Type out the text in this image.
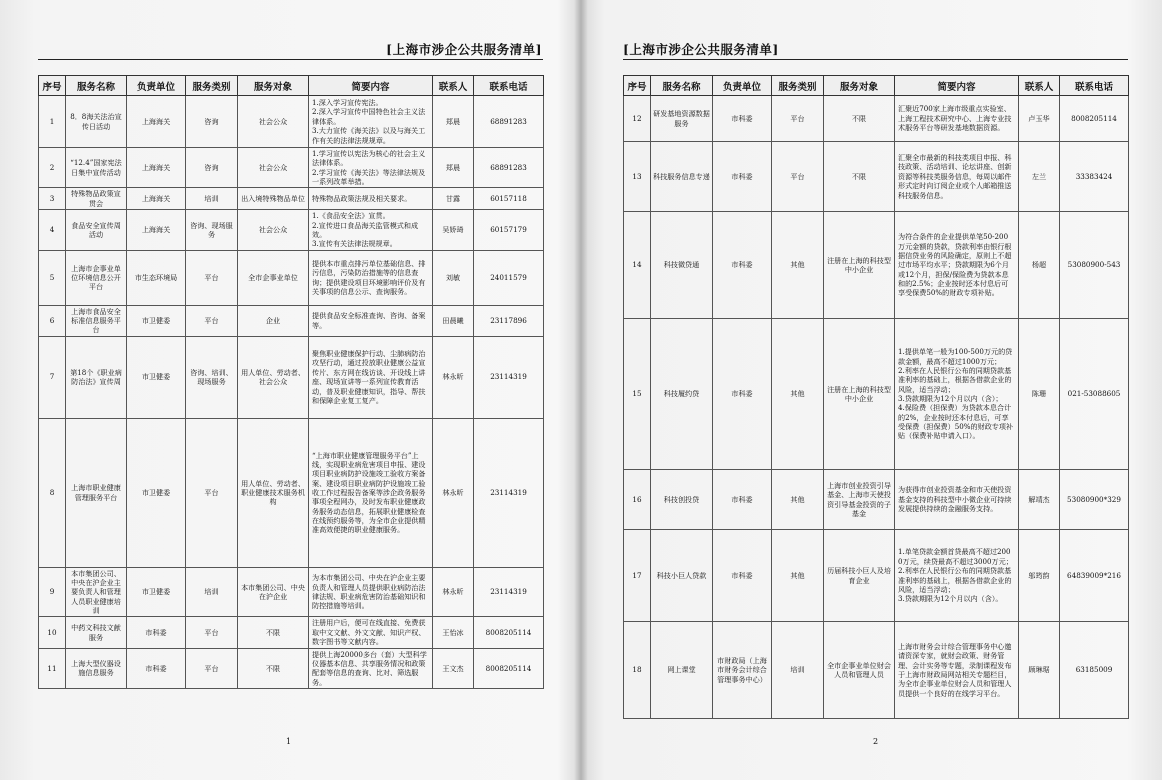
[上海市涉企公共服务清单]
序号	服务名称	负责单位	服务类别	服务对象	简要内容	联系人	联系电话
1	8．8海关法治宣传日活动	上海海关	咨询	社会公众	1.深入学习宣传宪法。
2.深入学习宣传中国特色社会主义法律体系。
3.大力宣传《海关法》以及与海关工作有关的法律法规规章。	郑晨	68891283
2	“12.4”国家宪法日集中宣传活动	上海海关	咨询	社会公众	1.学习宣传以宪法为核心的社会主义法律体系。
2.学习宣传《海关法》等法律法规及一系列改革举措。	郑晨	68891283
3	特殊物品政策宣贯会	上海海关	培训	出入境特殊物品单位	特殊物品政策法规及相关要求。	甘露	60157118
4	食品安全宣传周活动	上海海关	咨询、现场服务	社会公众	1.《食品安全法》宣贯。
2.宣传进口食品海关监管模式和成效。
3.宣传有关法律法规规章。	吴娇琦	60157179
5	上海市企事业单位环境信息公开平台	市生态环境局	平台	全市企事业单位	提供本市重点排污单位基础信息、排污信息，污染防治措施等的信息查询；提供建设项目环境影响评价及有关事项的信息公示、查询服务。	刘敏	24011579
6	上海市食品安全标准信息服务平台	市卫健委	平台	企业	提供食品安全标准查询、咨询、备案等。	田晨曦	23117896
7	第18个《职业病防治法》宣传周	市卫健委	咨询、培训、现场服务	用人单位、劳动者、社会公众	聚焦职业健康保护行动、尘肺病防治攻坚行动，通过投放职业健康公益宣传片、东方网在线访谈、开设线上讲座、现场宣讲等一系列宣传教育活动，普及职业健康知识，指导、帮扶和保障企业复工复产。	林永昕	23114319
8	上海市职业健康管理服务平台	市卫健委	平台	用人单位、劳动者、职业健康技术服务机构	“上海市职业健康管理服务平台”上线，实现职业病危害项目申报、建设项目职业病防护设施竣工验收方案备案、建设项目职业病防护设施竣工验收工作过程报告备案等涉企政务服务事项全程网办，及时发布职业健康政务服务动态信息，拓展职业健康检查在线预约服务等，为全市企业提供精准高效便捷的职业健康服务。	林永昕	23114319
9	本市集团公司、中央在沪企业主要负责人和管理人员职业健康培训	市卫健委	培训	本市集团公司、中央在沪企业	为本市集团公司、中央在沪企业主要负责人和管理人员提供职业病防治法律法规、职业病危害防治基础知识和防控措施等培训。	林永昕	23114319
10	中药文科技文献服务	市科委	平台	不限	注册用户后，便可在线直接、免费获取中文文献、外文文献、知识产权、数字图书等文献内容。	王怡冰	8008205114
11	上海大型仪器设施信息服务	市科委	平台	不限	提供上海20000多台（套）大型科学仪器基本信息、共享服务情况和政策配套等信息的查询、比对、筛选服务。	王文杰	8008205114
1
[上海市涉企公共服务清单]
序号	服务名称	负责单位	服务类别	服务对象	简要内容	联系人	联系电话
12	研发基地资源数据服务	市科委	平台	不限	汇聚近700家上海市级重点实验室、上海工程技术研究中心、上海专业技术服务平台等研发基地数据资源。	卢玉华	8008205114
13	科技服务信息专递	市科委	平台	不限	汇聚全市最新的科技类项目申报、科技政策、活动培训、论坛讲座、创新资源等科技类服务信息，每周以邮件形式定时向订阅企业或个人邮箱推送科技服务信息。	左兰	33383424
14	科技微贷通	市科委	其他	注册在上海的科技型中小企业	为符合条件的企业提供单笔50-200万元金额的贷款，贷款利率由银行根据信贷业务的风险确定，原则上不超过市场平均水平；贷款期限为6个月或12个月，担保/保险费为贷款本息和的2.5%；企业按时还本付息后可享受保费50%的财政专项补贴。	杨超	53080900-543
15	科技履约贷	市科委	其他	注册在上海的科技型中小企业	1.提供单笔一般为100-500万元的贷款金额，最高不超过1000万元；
2.利率在人民银行公布的同期贷款基准利率的基础上，根据各借款企业的风险，适当浮动；
3.贷款期限为12个月以内（含）；
4.保险费（担保费）为贷款本息合计的2%，企业按时还本付息后，可享受保费（担保费）50%的财政专项补贴（保费补贴申请入口）。	陈珊	021-53088605
16	科技创投贷	市科委	其他	上海市创业投资引导基金、上海市天使投资引导基金投资的子基金	为获得市创业投资基金和市天使投资基金支持的科技型中小微企业可持续发展提供持续的金融服务支持。	解靖杰	53080900*329
17	科技小巨人贷款	市科委	其他	历届科技小巨人及培育企业	1.单笔贷款金额首贷最高不超过2000万元，续贷最高不超过3000万元；
2.利率在人民银行公布的同期贷款基准利率的基础上，根据各借款企业的风险，适当浮动；
3.贷款期限为12个月以内（含）。	邬筠韵	64839009*216
18	网上课堂	市财政局（上海市财务会计综合管理事务中心）	培训	全市企事业单位财会人员和管理人员	上海市财务会计综合管理事务中心邀请资深专家，就财会政策、财务管理、会计实务等专题，录制课程发布于上海市财政局网站相关专题栏目，为全市企事业单位财会人员和管理人员提供一个良好的在线学习平台。	顾琳琚	63185009
2
